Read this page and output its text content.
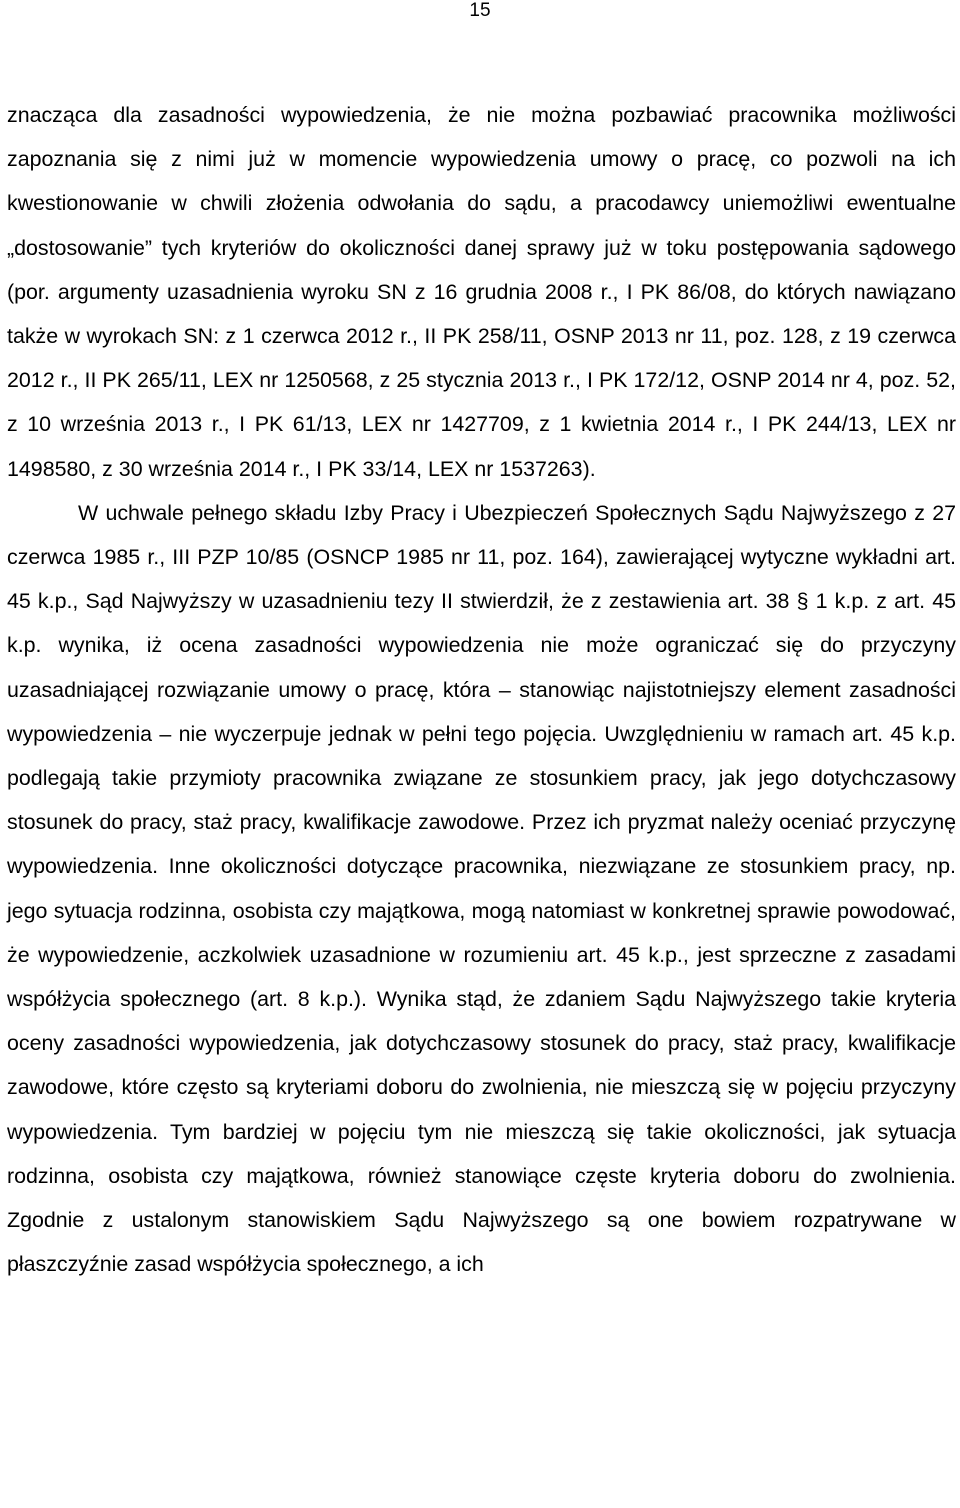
15

znacząca dla zasadności wypowiedzenia, że nie można pozbawiać pracownika możliwości zapoznania się z nimi już w momencie wypowiedzenia umowy o pracę, co pozwoli na ich kwestionowanie w chwili złożenia odwołania do sądu, a pracodawcy uniemożliwi ewentualne „dostosowanie” tych kryteriów do okoliczności danej sprawy już w toku postępowania sądowego (por. argumenty uzasadnienia wyroku SN z 16 grudnia 2008 r., I PK 86/08, do których nawiązano także w wyrokach SN: z 1 czerwca 2012 r., II PK 258/11, OSNP 2013 nr 11, poz. 128, z 19 czerwca 2012 r., II PK 265/11, LEX nr 1250568, z 25 stycznia 2013 r., I PK 172/12, OSNP 2014 nr 4, poz. 52, z 10 września 2013 r., I PK 61/13, LEX nr 1427709, z 1 kwietnia 2014 r., I PK 244/13, LEX nr 1498580, z 30 września 2014 r., I PK 33/14, LEX nr 1537263).

W uchwale pełnego składu Izby Pracy i Ubezpieczeń Społecznych Sądu Najwyższego z 27 czerwca 1985 r., III PZP 10/85 (OSNCP 1985 nr 11, poz. 164), zawierającej wytyczne wykładni art. 45 k.p., Sąd Najwyższy w uzasadnieniu tezy II stwierdził, że z zestawienia art. 38 § 1 k.p. z art. 45 k.p. wynika, iż ocena zasadności wypowiedzenia nie może ograniczać się do przyczyny uzasadniającej rozwiązanie umowy o pracę, która – stanowiąc najistotniejszy element zasadności wypowiedzenia – nie wyczerpuje jednak w pełni tego pojęcia. Uwzględnieniu w ramach art. 45 k.p. podlegają takie przymioty pracownika związane ze stosunkiem pracy, jak jego dotychczasowy stosunek do pracy, staż pracy, kwalifikacje zawodowe. Przez ich pryzmat należy oceniać przyczynę wypowiedzenia. Inne okoliczności dotyczące pracownika, niezwiązane ze stosunkiem pracy, np. jego sytuacja rodzinna, osobista czy majątkowa, mogą natomiast w konkretnej sprawie powodować, że wypowiedzenie, aczkolwiek uzasadnione w rozumieniu art. 45 k.p., jest sprzeczne z zasadami współżycia społecznego (art. 8 k.p.). Wynika stąd, że zdaniem Sądu Najwyższego takie kryteria oceny zasadności wypowiedzenia, jak dotychczasowy stosunek do pracy, staż pracy, kwalifikacje zawodowe, które często są kryteriami doboru do zwolnienia, nie mieszczą się w pojęciu przyczyny wypowiedzenia. Tym bardziej w pojęciu tym nie mieszczą się takie okoliczności, jak sytuacja rodzinna, osobista czy majątkowa, również stanowiące częste kryteria doboru do zwolnienia. Zgodnie z ustalonym stanowiskiem Sądu Najwyższego są one bowiem rozpatrywane w płaszczyźnie zasad współżycia społecznego, a ich
